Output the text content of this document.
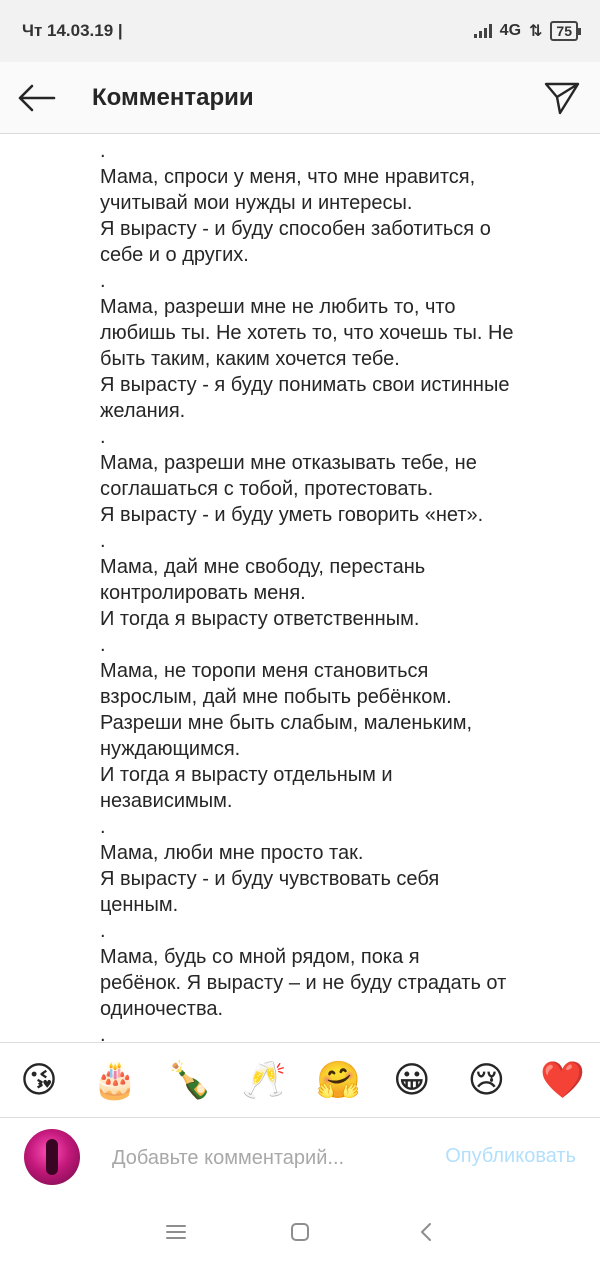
Чт 14.03.19 |	4G ⇅	75
Комментарии

.

Мама, спроси у меня, что мне нравится,

учитывай мои нужды и интересы.

Я вырасту - и буду способен заботиться о

себе и о других.

.

Мама, разреши мне не любить то, что

любишь ты. Не хотеть то, что хочешь ты. Не

быть таким, каким хочется тебе.

Я вырасту - я буду понимать свои истинные

желания.

.

Мама, разреши мне отказывать тебе, не

соглашаться с тобой, протестовать.

Я вырасту - и буду уметь говорить «нет».

.

Мама, дай мне свободу, перестань

контролировать меня.

И тогда я вырасту ответственным.

.

Мама, не торопи меня становиться

взрослым, дай мне побыть ребёнком.

Разреши мне быть слабым, маленьким,

нуждающимся.

И тогда я вырасту отдельным и

независимым.

.

Мама, люби мне просто так.

Я вырасту - и буду чувствовать себя

ценным.

.

Мама, будь со мной рядом, пока я

ребёнок. Я вырасту – и не буду страдать от

одиночества.

.

😘 🎂 🍾 🥂 🤗 😀 😢 ❤️
Добавьте комментарий...
Опубликовать
